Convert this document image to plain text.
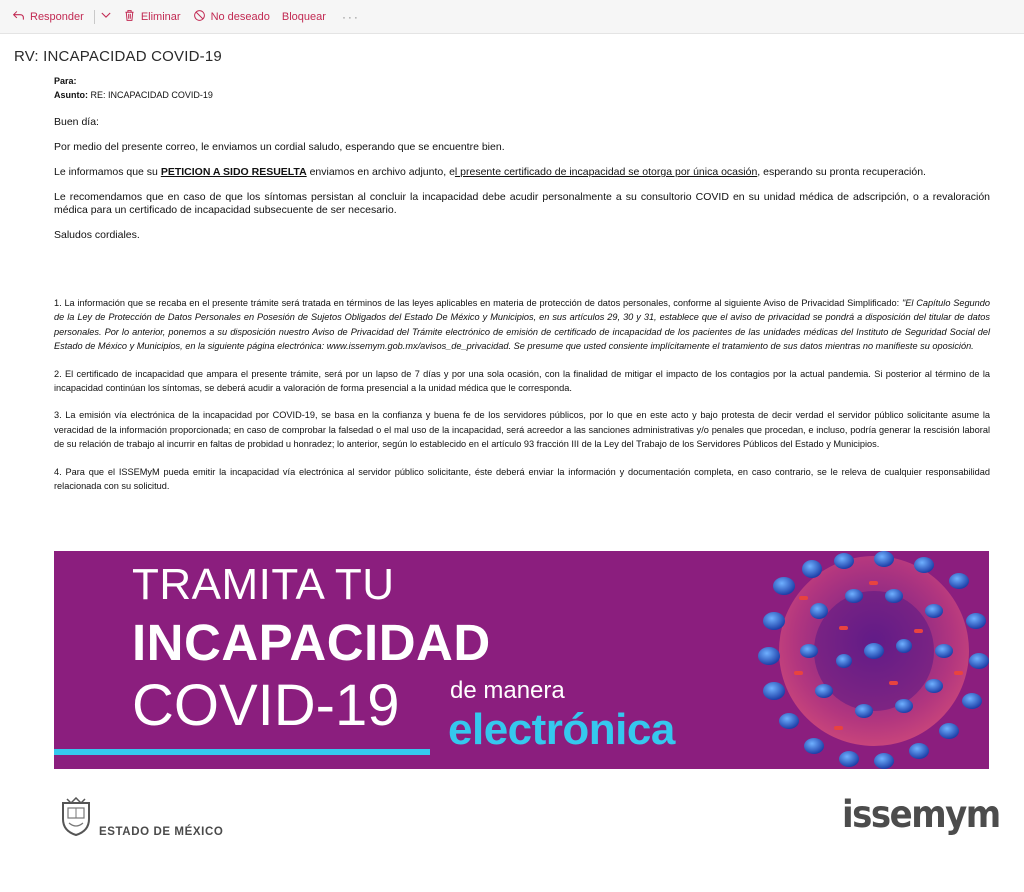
Responder	Eliminar	No deseado Bloquear ···
RV: INCAPACIDAD COVID-19
Para:
Asunto: RE: INCAPACIDAD COVID-19
Buen día:
Por medio del presente correo, le enviamos un cordial saludo, esperando que se encuentre bien.
Le informamos que su PETICION A SIDO RESUELTA enviamos en archivo adjunto, el presente certificado de incapacidad se otorga por única ocasión, esperando su pronta recuperación.
Le recomendamos que en caso de que los síntomas persistan al concluir la incapacidad debe acudir personalmente a su consultorio COVID en su unidad médica de adscripción, o a revaloración médica para un certificado de incapacidad subsecuente de ser necesario.
Saludos cordiales.
1. La información que se recaba en el presente trámite será tratada en términos de las leyes aplicables en materia de protección de datos personales, conforme al siguiente Aviso de Privacidad Simplificado: "El Capítulo Segundo de la Ley de Protección de Datos Personales en Posesión de Sujetos Obligados del Estado De México y Municipios, en sus artículos 29, 30 y 31, establece que el aviso de privacidad se pondrá a disposición del titular de datos personales. Por lo anterior, ponemos a su disposición nuestro Aviso de Privacidad del Trámite electrónico de emisión de certificado de incapacidad de los pacientes de las unidades médicas del Instituto de Seguridad Social del Estado de México y Municipios, en la siguiente página electrónica: www.issemym.gob.mx/avisos_de_privacidad. Se presume que usted consiente implícitamente el tratamiento de sus datos mientras no manifieste su oposición.
2. El certificado de incapacidad que ampara el presente trámite, será por un lapso de 7 días y por una sola ocasión, con la finalidad de mitigar el impacto de los contagios por la actual pandemia. Si posterior al término de la incapacidad continúan los síntomas, se deberá acudir a valoración de forma presencial a la unidad médica que le corresponda.
3. La emisión vía electrónica de la incapacidad por COVID-19, se basa en la confianza y buena fe de los servidores públicos, por lo que en este acto y bajo protesta de decir verdad el servidor público solicitante asume la veracidad de la información proporcionada; en caso de comprobar la falsedad o el mal uso de la incapacidad, será acreedor a las sanciones administrativas y/o penales que procedan, e incluso, podría generar la rescisión laboral de su relación de trabajo al incurrir en faltas de probidad u honradez; lo anterior, según lo establecido en el artículo 93 fracción III de la Ley del Trabajo de los Servidores Públicos del Estado y Municipios.
4. Para que el ISSEMyM pueda emitir la incapacidad vía electrónica al servidor público solicitante, éste deberá enviar la información y documentación completa, en caso contrario, se le releva de cualquier responsabilidad relacionada con su solicitud.
TRAMITA TU
INCAPACIDAD
COVID-19 de manera
electrónica
ESTADO DE MÉXICO	issemym
